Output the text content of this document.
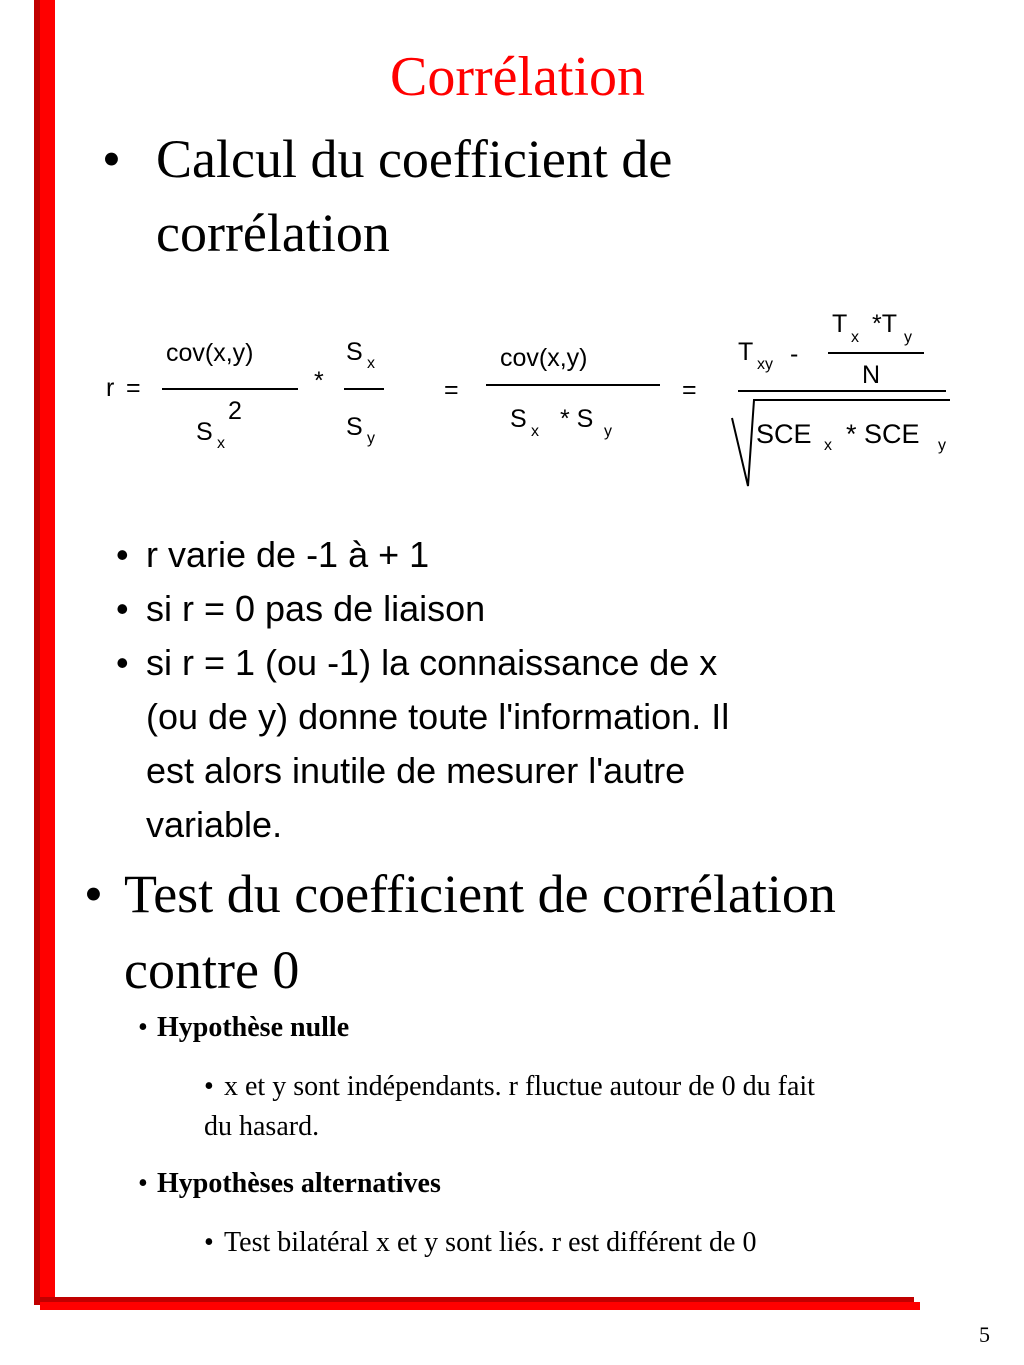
Corrélation
• Calcul du coefficient de
corrélation
r =
cov(x,y)
S x
2
*
S x
S y
=
cov(x,y)
S x * S y
=
T xy -
T x *T y
N
SCE x * SCE y
• r varie de -1 à + 1
• si r = 0 pas de liaison
• si r = 1 (ou -1) la connaissance de x
(ou de y) donne toute l'information. Il
est alors inutile de mesurer l'autre
variable.
• Test du coefficient de corrélation
contre 0
• Hypothèse nulle
• x et y sont indépendants. r fluctue autour de 0 du fait
du hasard.
• Hypothèses alternatives
• Test bilatéral x et y sont liés. r est différent de 0
5
